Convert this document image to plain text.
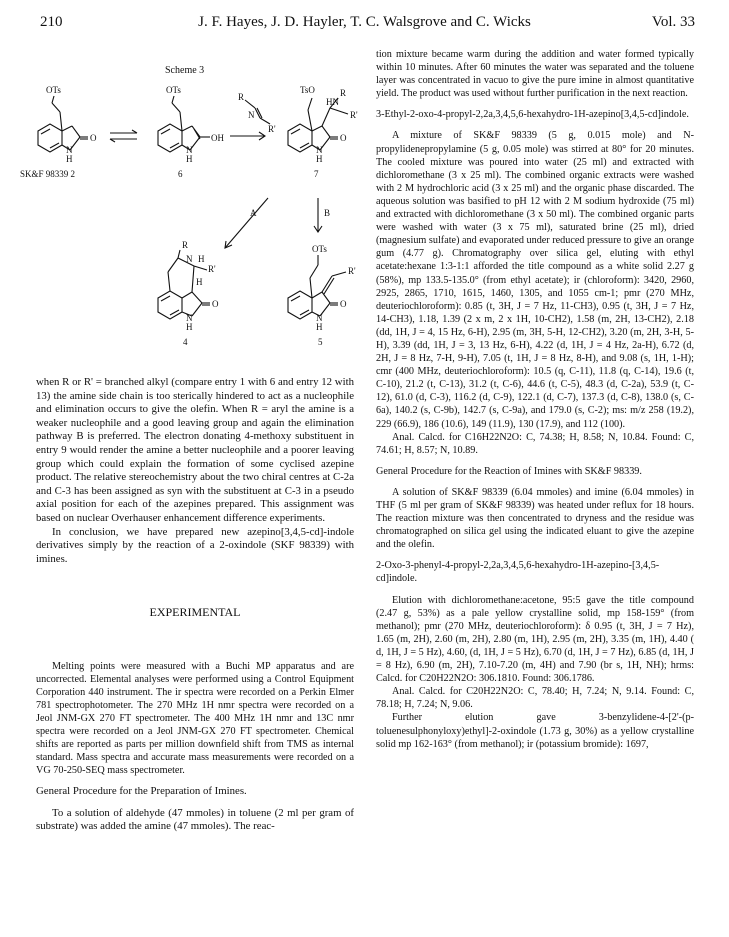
210	J. F. Hayes, J. D. Hayler, T. C. Walsgrove and C. Wicks	Vol. 33
Scheme 3
OTs
O
N
H
SK&F 98339 2
OTs
OH
N
H
6
R
N
R'
TsO
HN
R
R'
O
N
H
7
A	B
R
N H
R'
H
O
N
H
4
OTs
R'
O
N
H
5

when R or R' = branched alkyl (compare entry 1 with 6 and entry 12 with 13) the amine side chain is too sterically hindered to act as a nucleophile and elimination occurs to give the olefin. When R = aryl the amine is a weaker nucleophile and a good leaving group and again the elimination pathway B is preferred. The electron donating 4-methoxy substituent in entry 9 would render the amine a better nucleophile and a poorer leaving group which could explain the formation of some cyclised azepine product. The relative stereochemistry about the two chiral centres at C-2a and C-3 has been assigned as syn with the substituent at C-3 in a pseudo axial position for each of the azepines prepared. This assignment was based on nuclear Overhauser enhancement difference experiments.

In conclusion, we have prepared new azepino[3,4,5-cd]-indole derivatives simply by the reaction of a 2-oxindole (SKF 98339) with imines.

EXPERIMENTAL

Melting points were measured with a Buchi MP apparatus and are uncorrected. Elemental analyses were performed using a Control Equipment Corporation 440 instrument. The ir spectra were recorded on a Perkin Elmer 781 spectrophotometer. The 270 MHz 1H nmr spectra were recorded on a Jeol JNM-GX 270 FT spectrometer. The 400 MHz 1H nmr and 13C nmr spectra were recorded on a Jeol JNM-GX 270 FT spectrometer. Chemical shifts are reported as parts per million downfield shift from TMS as internal standard. Mass spectra and accurate mass measurements were recorded on a VG 70-250-SEQ mass spectrometer.

General Procedure for the Preparation of Imines.

To a solution of aldehyde (47 mmoles) in toluene (2 ml per gram of substrate) was added the amine (47 mmoles). The reac-

tion mixture became warm during the addition and water formed typically within 10 minutes. After 60 minutes the water was separated and the toluene layer was concentrated in vacuo to give the pure imine in almost quantitative yield. The product was used without further purification in the next reaction.

3-Ethyl-2-oxo-4-propyl-2,2a,3,4,5,6-hexahydro-1H-azepino[3,4,5-cd]indole.

A mixture of SK&F 98339 (5 g, 0.015 mole) and N-propylidenepropylamine (5 g, 0.05 mole) was stirred at 80° for 20 minutes. The cooled mixture was poured into water (25 ml) and extracted with dichloromethane (3 x 25 ml). The combined organic extracts were washed with 2 M hydrochloric acid (3 x 25 ml) and the organic phase discarded. The aqueous solution was basified to pH 12 with 2 M sodium hydroxide (75 ml) and extracted with dichloromethane (3 x 50 ml). The combined organic parts were washed with water (3 x 75 ml), saturated brine (25 ml), dried (magnesium sulfate) and evaporated under reduced pressure to give an orange gum (4.77 g). Chromatography over silica gel, eluting with ethyl acetate:hexane 1:3-1:1 afforded the title compound as a white solid 2.27 g (58%), mp 133.5-135.0° (from ethyl acetate); ir (chloroform): 3420, 2960, 2925, 2865, 1710, 1615, 1460, 1305, and 1055 cm-1; pmr (270 MHz, deuteriochloroform): 0.85 (t, 3H, J = 7 Hz, 11-CH3), 0.95 (t, 3H, J = 7 Hz, 14-CH3), 1.18, 1.39 (2 x m, 2 x 1H, 10-CH2), 1.58 (m, 2H, 13-CH2), 2.18 (dd, 1H, J = 4, 15 Hz, 6-H), 2.95 (m, 3H, 5-H, 12-CH2), 3.20 (m, 2H, 3-H, 5-H), 3.39 (dd, 1H, J = 3, 13 Hz, 6-H), 4.22 (d, 1H, J = 4 Hz, 2a-H), 6.72 (d, 2H, J = 8 Hz, 7-H, 9-H), 7.05 (t, 1H, J = 8 Hz, 8-H), and 9.08 (s, 1H, 1-H); cmr (400 MHz, deuteriochloroform): 10.5 (q, C-11), 11.8 (q, C-14), 19.6 (t, C-10), 21.2 (t, C-13), 31.2 (t, C-6), 44.6 (t, C-5), 48.3 (d, C-2a), 53.9 (t, C-12), 61.0 (d, C-3), 116.2 (d, C-9), 122.1 (d, C-7), 137.3 (d, C-8), 138.0 (s, C-6a), 140.2 (s, C-9b), 142.7 (s, C-9a), and 179.0 (s, C-2); ms: m/z 258 (19.2), 229 (66.9), 186 (10.6), 149 (11.9), 130 (17.9), and 112 (100).

Anal. Calcd. for C16H22N2O: C, 74.38; H, 8.58; N, 10.84. Found: C, 74.61; H, 8.57; N, 10.89.

General Procedure for the Reaction of Imines with SK&F 98339.

A solution of SK&F 98339 (6.04 mmoles) and imine (6.04 mmoles) in THF (5 ml per gram of SK&F 98339) was heated under reflux for 18 hours. The reaction mixture was then concentrated to dryness and the residue was chromatographed on silica gel using the indicated eluant to give the azepine and the olefin.

2-Oxo-3-phenyl-4-propyl-2,2a,3,4,5,6-hexahydro-1H-azepino-[3,4,5-cd]indole.

Elution with dichloromethane:acetone, 95:5 gave the title compound (2.47 g, 53%) as a pale yellow crystalline solid, mp 158-159° (from methanol); pmr (270 MHz, deuteriochloroform): δ 0.95 (t, 3H, J = 7 Hz), 1.65 (m, 2H), 2.60 (m, 2H), 2.80 (m, 1H), 2.95 (m, 2H), 3.35 (m, 1H), 4.40 ( d, 1H, J = 5 Hz), 4.60, (d, 1H, J = 5 Hz), 6.70 (d, 1H, J = 7 Hz), 6.85 (d, 1H, J = 8 Hz), 6.90 (m, 2H), 7.10-7.20 (m, 4H) and 7.90 (br s, 1H, NH); hrms: Calcd. for C20H22N2O: 306.1810. Found: 306.1786.

Anal. Calcd. for C20H22N2O: C, 78.40; H, 7.24; N, 9.14. Found: C, 78.18; H, 7.24; N, 9.06.

Further elution gave 3-benzylidene-4-[2'-(p-toluenesulphonyloxy)ethyl]-2-oxindole (1.73 g, 30%) as a yellow crystalline solid mp 162-163° (from methanol); ir (potassium bromide): 1697,
